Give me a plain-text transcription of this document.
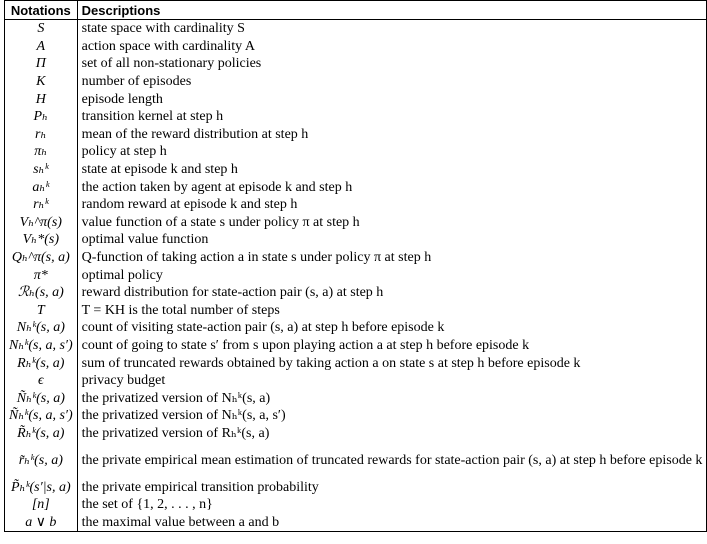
Notations	Descriptions
S	state space with cardinality S
A	action space with cardinality A
Π	set of all non-stationary policies
K	number of episodes
H	episode length
Pₕ	transition kernel at step h
rₕ	mean of the reward distribution at step h
πₕ	policy at step h
sₕᵏ	state at episode k and step h
aₕᵏ	the action taken by agent at episode k and step h
rₕᵏ	random reward at episode k and step h
Vₕ^π(s)	value function of a state s under policy π at step h
Vₕ*(s)	optimal value function
Qₕ^π(s, a)	Q-function of taking action a in state s under policy π at step h
π*	optimal policy
ℛₕ(s, a)	reward distribution for state-action pair (s, a) at step h
T	T = KH is the total number of steps
Nₕᵏ(s, a)	count of visiting state-action pair (s, a) at step h before episode k
Nₕᵏ(s, a, s′)	count of going to state s′ from s upon playing action a at step h before episode k
Rₕᵏ(s, a)	sum of truncated rewards obtained by taking action a on state s at step h before episode k
ϵ	privacy budget
Ñₕᵏ(s, a)	the privatized version of Nₕᵏ(s, a)
Ñₕᵏ(s, a, s′)	the privatized version of Nₕᵏ(s, a, s′)
R̃ₕᵏ(s, a)	the privatized version of Rₕᵏ(s, a)
r̃ₕᵏ(s, a)	the private empirical mean estimation of truncated rewards for state-action pair (s, a) at step h before episode k
P̃ₕᵏ(s′|s, a)	the private empirical transition probability
[n]	the set of {1, 2, . . . , n}
a ∨ b	the maximal value between a and b
